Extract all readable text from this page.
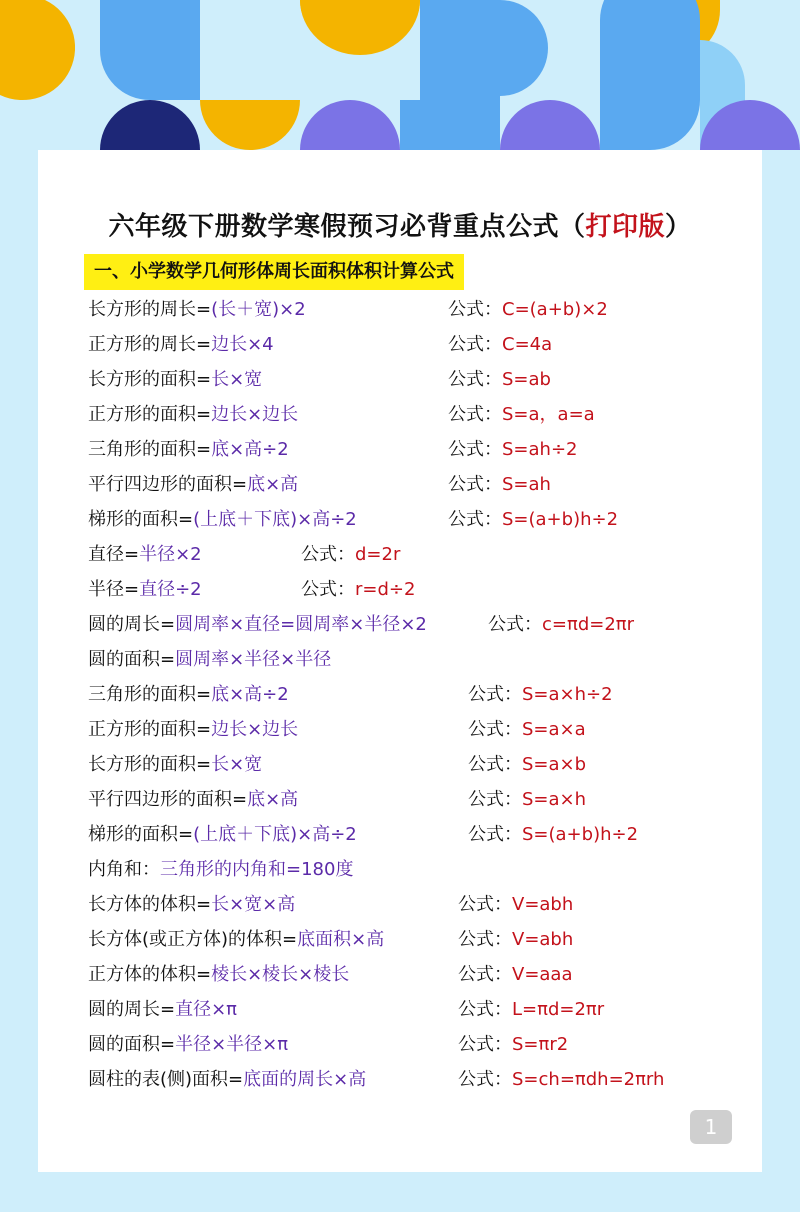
六年级下册数学寒假预习必背重点公式（打印版）
一、小学数学几何形体周长面积体积计算公式
长方形的周长=(长＋宽)×2	公式：C=(a+b)×2
正方形的周长=边长×4	公式：C=4a
长方形的面积=长×宽	公式：S=ab
正方形的面积=边长×边长	公式：S=a，a=a
三角形的面积=底×高÷2	公式：S=ah÷2
平行四边形的面积=底×高	公式：S=ah
梯形的面积=(上底＋下底)×高÷2	公式：S=(a+b)h÷2
直径=半径×2	公式：d=2r
半径=直径÷2	公式：r=d÷2
圆的周长=圆周率×直径=圆周率×半径×2	公式：c=πd=2πr
圆的面积=圆周率×半径×半径
三角形的面积=底×高÷2	公式：S=a×h÷2
正方形的面积=边长×边长	公式：S=a×a
长方形的面积=长×宽	公式：S=a×b
平行四边形的面积=底×高	公式：S=a×h
梯形的面积=(上底＋下底)×高÷2	公式：S=(a+b)h÷2
内角和：三角形的内角和=180度
长方体的体积=长×宽×高	公式：V=abh
长方体(或正方体)的体积=底面积×高	公式：V=abh
正方体的体积=棱长×棱长×棱长	公式：V=aaa
圆的周长=直径×π	公式：L=πd=2πr
圆的面积=半径×半径×π	公式：S=πr2
圆柱的表(侧)面积=底面的周长×高	公式：S=ch=πdh=2πrh
1
